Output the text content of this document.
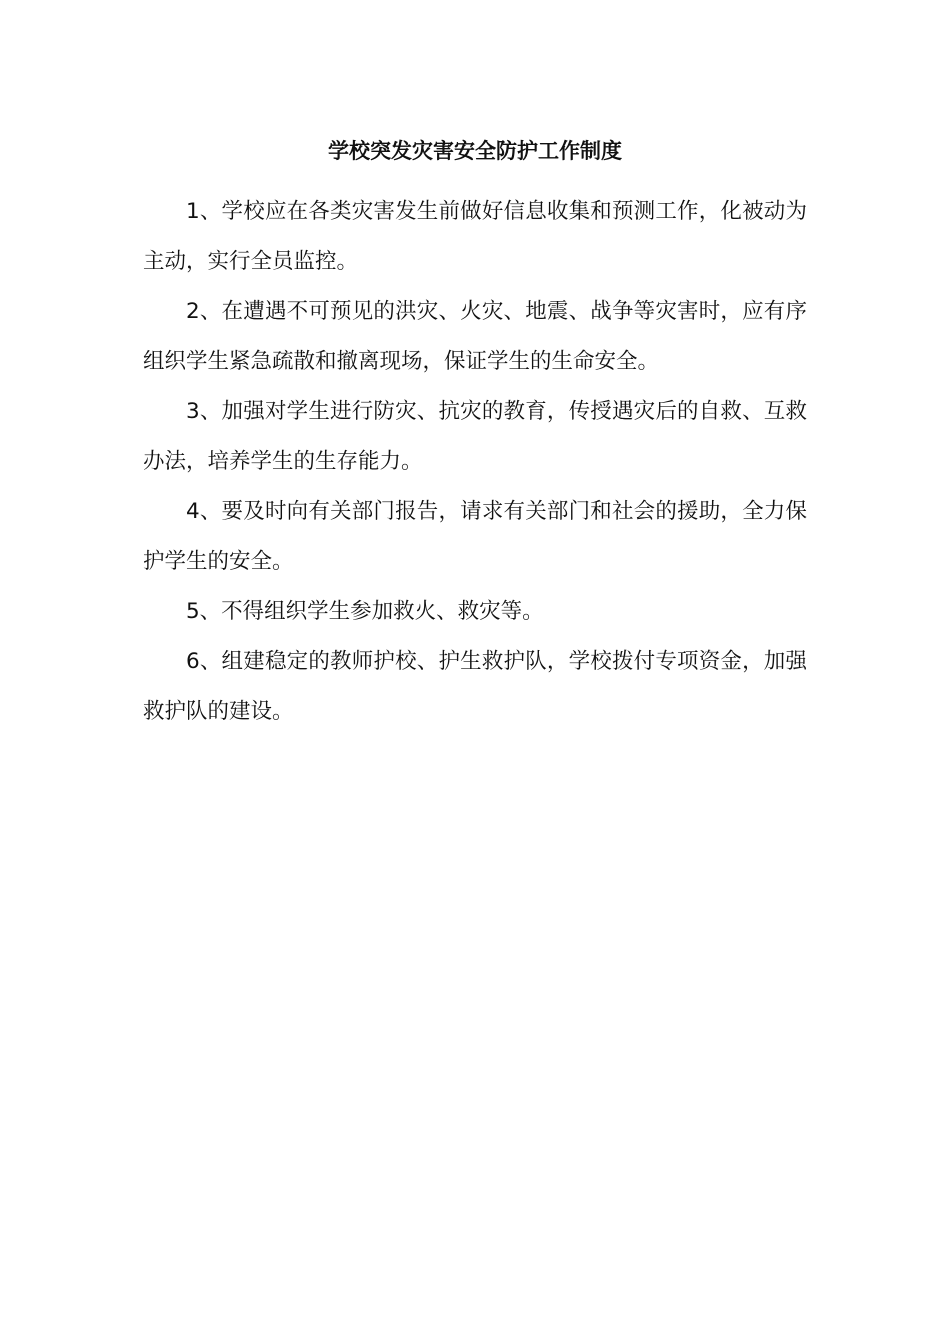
学校突发灾害安全防护工作制度

1、学校应在各类灾害发生前做好信息收集和预测工作，化被动为主动，实行全员监控。

2、在遭遇不可预见的洪灾、火灾、地震、战争等灾害时，应有序组织学生紧急疏散和撤离现场，保证学生的生命安全。

3、加强对学生进行防灾、抗灾的教育，传授遇灾后的自救、互救办法，培养学生的生存能力。

4、要及时向有关部门报告，请求有关部门和社会的援助，全力保护学生的安全。

5、不得组织学生参加救火、救灾等。

6、组建稳定的教师护校、护生救护队，学校拨付专项资金，加强救护队的建设。
